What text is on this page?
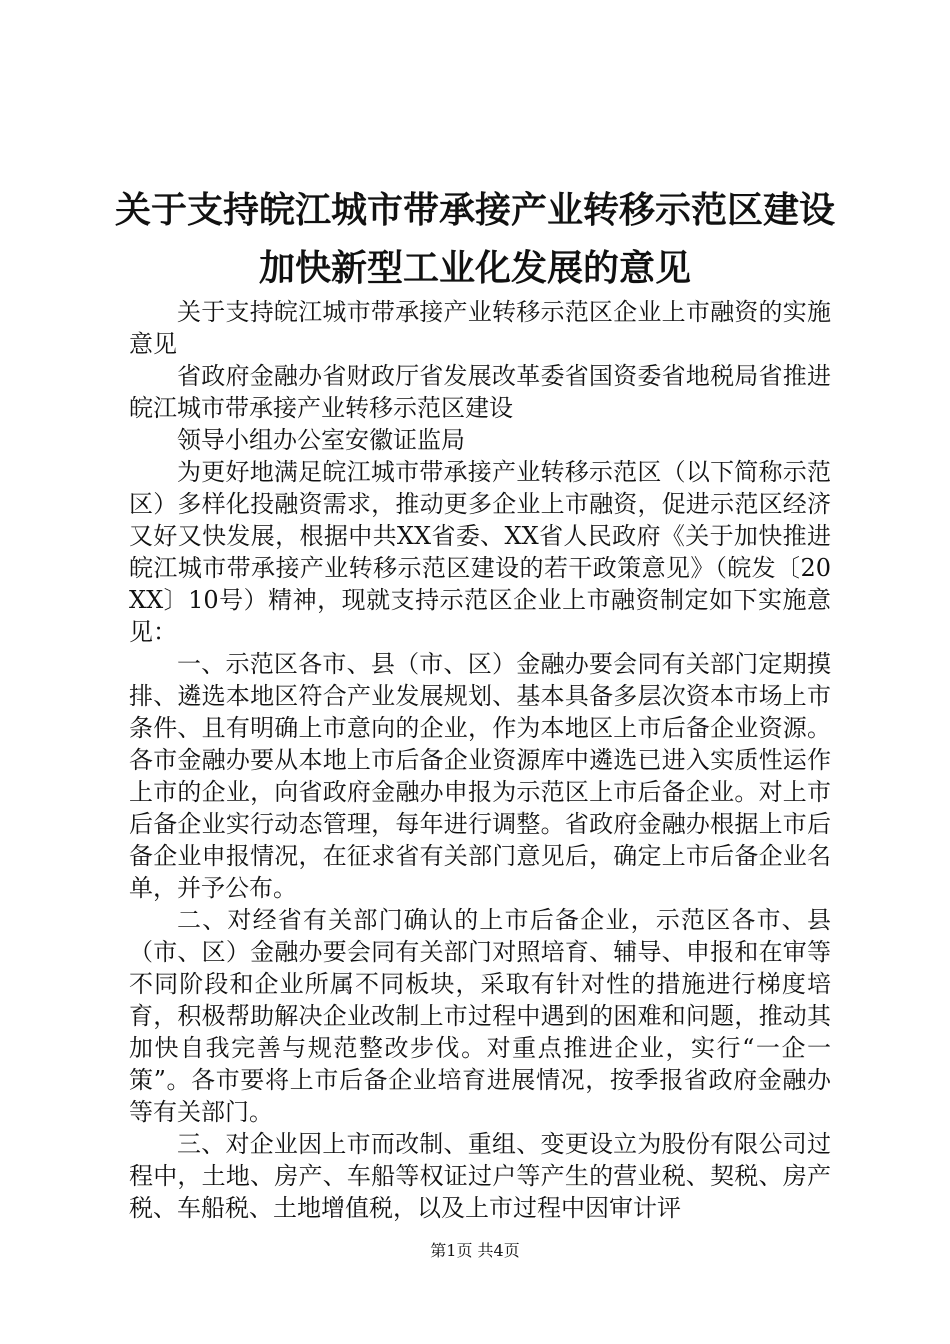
关于支持皖江城市带承接产业转移示范区建设
加快新型工业化发展的意见

关于支持皖江城市带承接产业转移示范区企业上市融资的实施意见

省政府金融办省财政厅省发展改革委省国资委省地税局省推进皖江城市带承接产业转移示范区建设

领导小组办公室安徽证监局

为更好地满足皖江城市带承接产业转移示范区（以下简称示范区）多样化投融资需求，推动更多企业上市融资，促进示范区经济又好又快发展，根据中共XX省委、XX省人民政府《关于加快推进皖江城市带承接产业转移示范区建设的若干政策意见》（皖发〔20XX〕10号）精神，现就支持示范区企业上市融资制定如下实施意见：

一、示范区各市、县（市、区）金融办要会同有关部门定期摸排、遴选本地区符合产业发展规划、基本具备多层次资本市场上市条件、且有明确上市意向的企业，作为本地区上市后备企业资源。各市金融办要从本地上市后备企业资源库中遴选已进入实质性运作上市的企业，向省政府金融办申报为示范区上市后备企业。对上市后备企业实行动态管理，每年进行调整。省政府金融办根据上市后备企业申报情况，在征求省有关部门意见后，确定上市后备企业名单，并予公布。

二、对经省有关部门确认的上市后备企业，示范区各市、县（市、区）金融办要会同有关部门对照培育、辅导、申报和在审等不同阶段和企业所属不同板块，采取有针对性的措施进行梯度培育，积极帮助解决企业改制上市过程中遇到的困难和问题，推动其加快自我完善与规范整改步伐。对重点推进企业，实行“一企一策”。各市要将上市后备企业培育进展情况，按季报省政府金融办等有关部门。

三、对企业因上市而改制、重组、变更设立为股份有限公司过程中，土地、房产、车船等权证过户等产生的营业税、契税、房产税、车船税、土地增值税，以及上市过程中因审计评

第1页 共4页
